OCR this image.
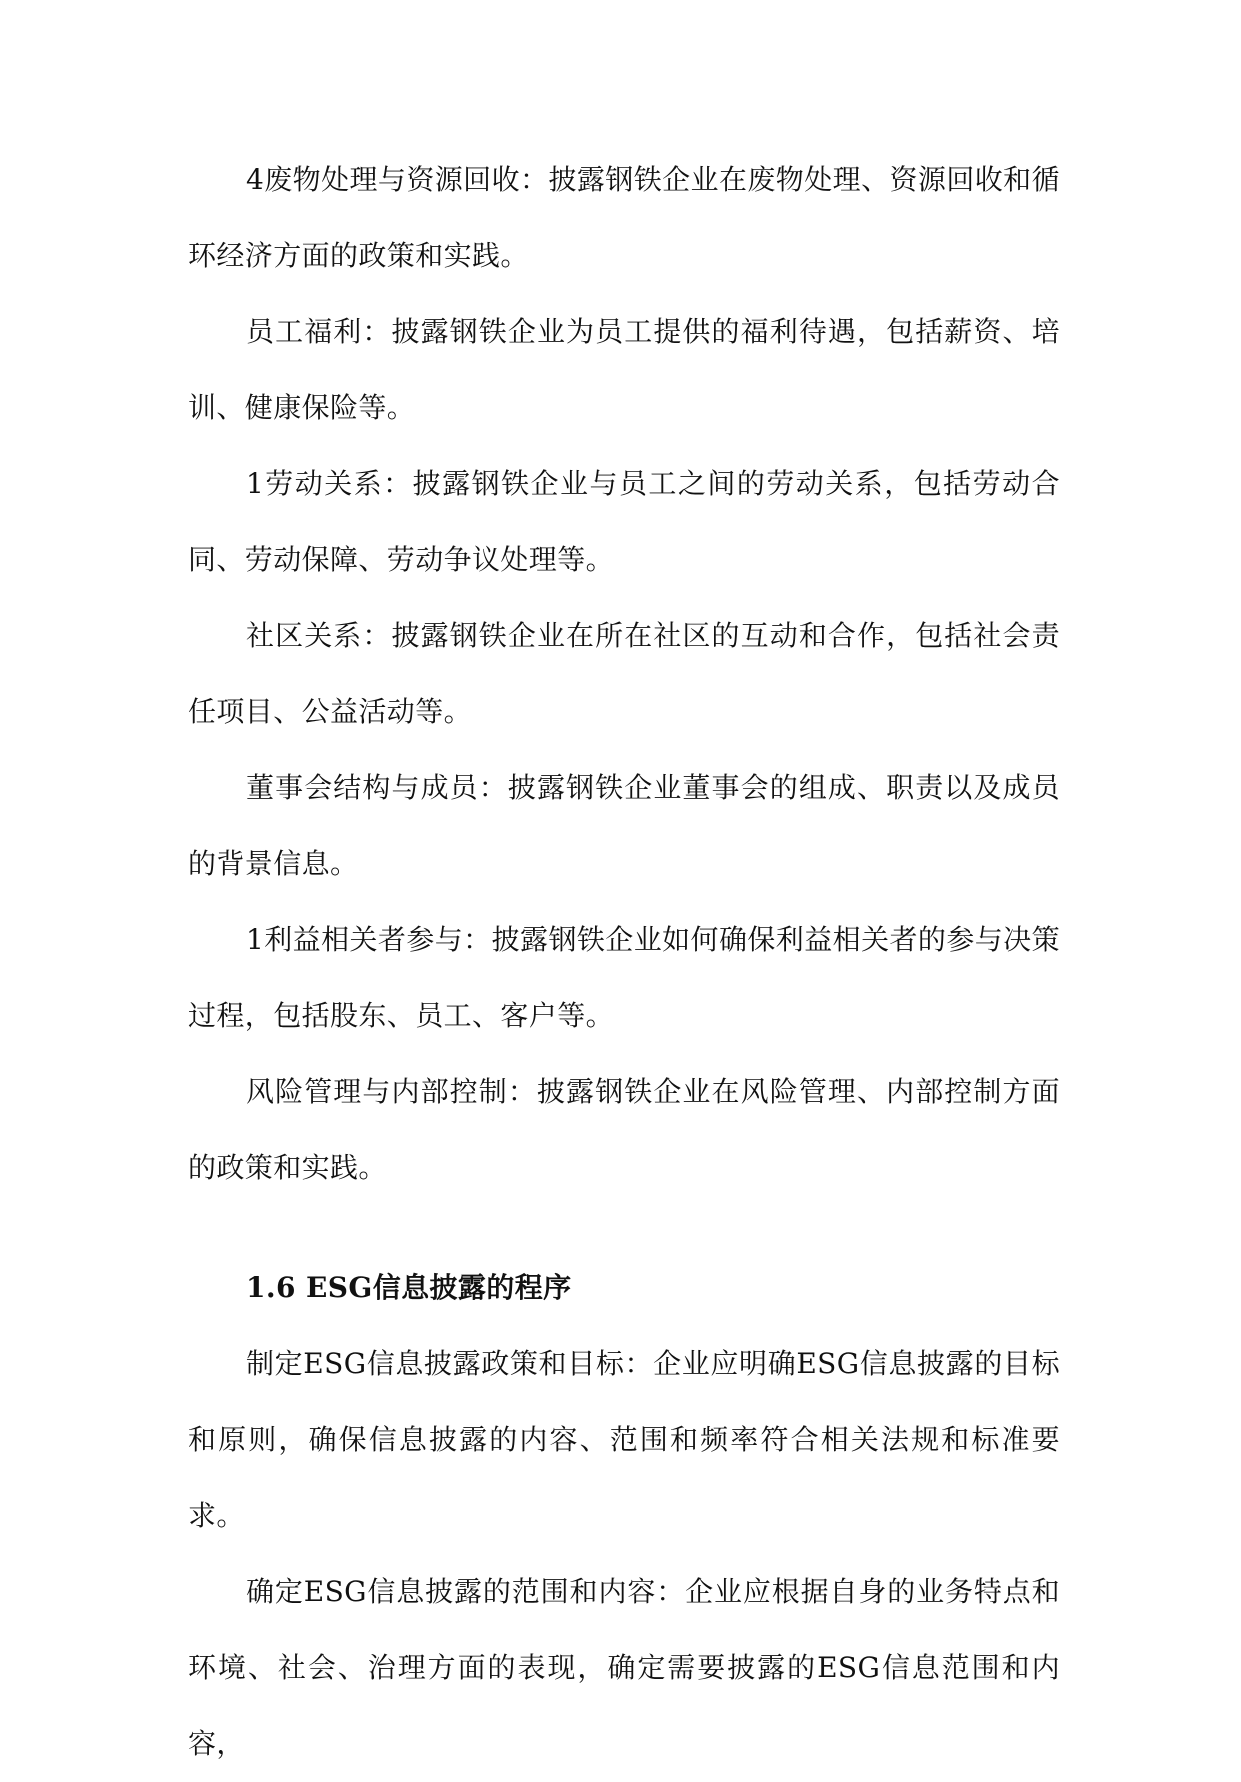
4废物处理与资源回收：披露钢铁企业在废物处理、资源回收和循环经济方面的政策和实践。

员工福利：披露钢铁企业为员工提供的福利待遇，包括薪资、培训、健康保险等。

1劳动关系：披露钢铁企业与员工之间的劳动关系，包括劳动合同、劳动保障、劳动争议处理等。

社区关系：披露钢铁企业在所在社区的互动和合作，包括社会责任项目、公益活动等。

董事会结构与成员：披露钢铁企业董事会的组成、职责以及成员的背景信息。

1利益相关者参与：披露钢铁企业如何确保利益相关者的参与决策过程，包括股东、员工、客户等。

风险管理与内部控制：披露钢铁企业在风险管理、内部控制方面的政策和实践。

1.6 ESG信息披露的程序

制定ESG信息披露政策和目标：企业应明确ESG信息披露的目标和原则，确保信息披露的内容、范围和频率符合相关法规和标准要求。

确定ESG信息披露的范围和内容：企业应根据自身的业务特点和环境、社会、治理方面的表现，确定需要披露的ESG信息范围和内容，
